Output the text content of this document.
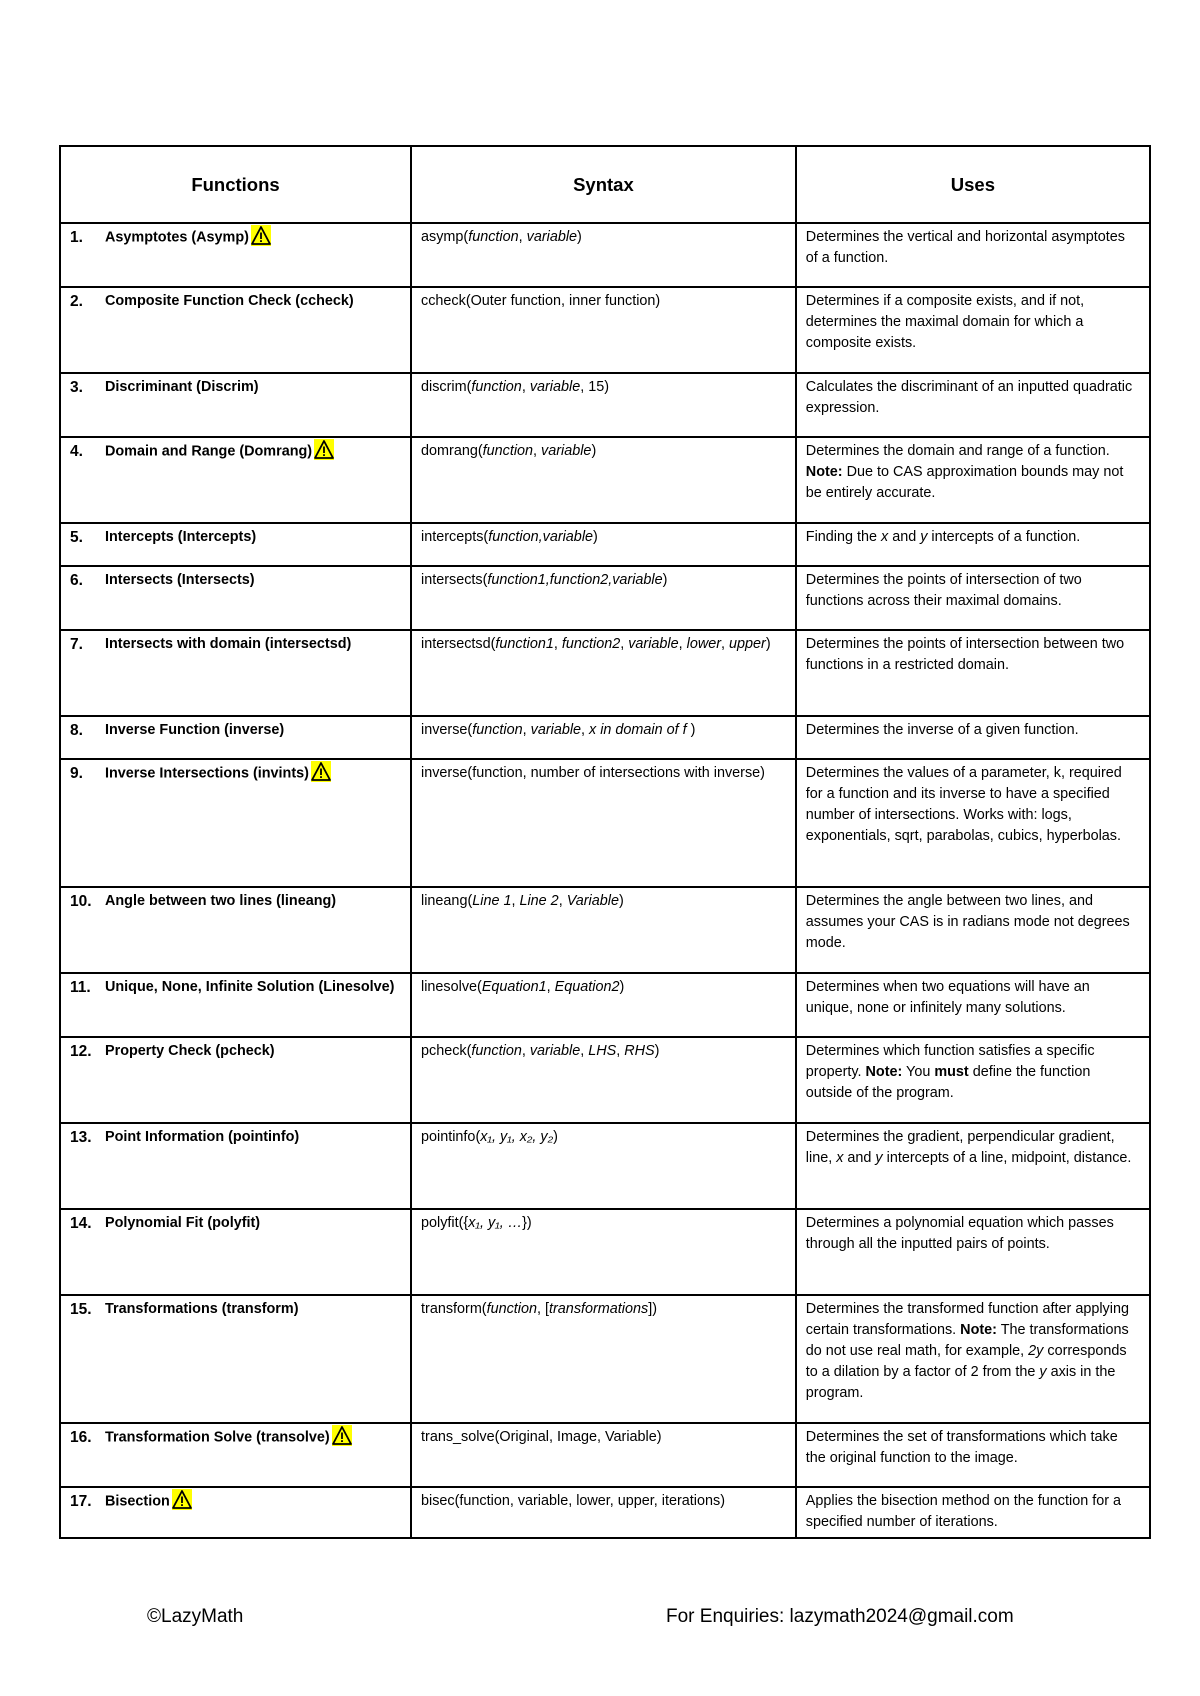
Functions	Syntax	Uses

1. Asymptotes (Asymp)	asymp(function, variable)	Determines the vertical and horizontal asymptotes of a function.

2. Composite Function Check (ccheck)	ccheck(Outer function, inner function)	Determines if a composite exists, and if not, determines the maximal domain for which a composite exists.

3. Discriminant (Discrim)	discrim(function, variable, 15)	Calculates the discriminant of an inputted quadratic expression.

4. Domain and Range (Domrang)	domrang(function, variable)	Determines the domain and range of a function. Note: Due to CAS approximation bounds may not be entirely accurate.

5. Intercepts (Intercepts)	intercepts(function,variable)	Finding the x and y intercepts of a function.

6. Intersects (Intersects)	intersects(function1,function2,variable)	Determines the points of intersection of two functions across their maximal domains.

7. Intersects with domain (intersectsd)	intersectsd(function1, function2, variable, lower, upper)	Determines the points of intersection between two functions in a restricted domain.

8. Inverse Function (inverse)	inverse(function, variable, x in domain of f )	Determines the inverse of a given function.

9. Inverse Intersections (invints)	inverse(function, number of intersections with inverse)	Determines the values of a parameter, k, required for a function and its inverse to have a specified number of intersections. Works with: logs, exponentials, sqrt, parabolas, cubics, hyperbolas.

10. Angle between two lines (lineang)	lineang(Line 1, Line 2, Variable)	Determines the angle between two lines, and assumes your CAS is in radians mode not degrees mode.

11. Unique, None, Infinite Solution (Linesolve)	linesolve(Equation1, Equation2)	Determines when two equations will have an unique, none or infinitely many solutions.

12. Property Check (pcheck)	pcheck(function, variable, LHS, RHS)	Determines which function satisfies a specific property. Note: You must define the function outside of the program.

13. Point Information (pointinfo)	pointinfo(x₁, y₁, x₂, y₂)	Determines the gradient, perpendicular gradient, line, x and y intercepts of a line, midpoint, distance.

14. Polynomial Fit (polyfit)	polyfit({x₁, y₁, …})	Determines a polynomial equation which passes through all the inputted pairs of points.

15. Transformations (transform)	transform(function, [transformations])	Determines the transformed function after applying certain transformations. Note: The transformations do not use real math, for example, 2y corresponds to a dilation by a factor of 2 from the y axis in the program.

16. Transformation Solve (transolve)	trans_solve(Original, Image, Variable)	Determines the set of transformations which take the original function to the image.

17. Bisection	bisec(function, variable, lower, upper, iterations)	Applies the bisection method on the function for a specified number of iterations.
©LazyMath	For Enquiries: lazymath2024@gmail.com
